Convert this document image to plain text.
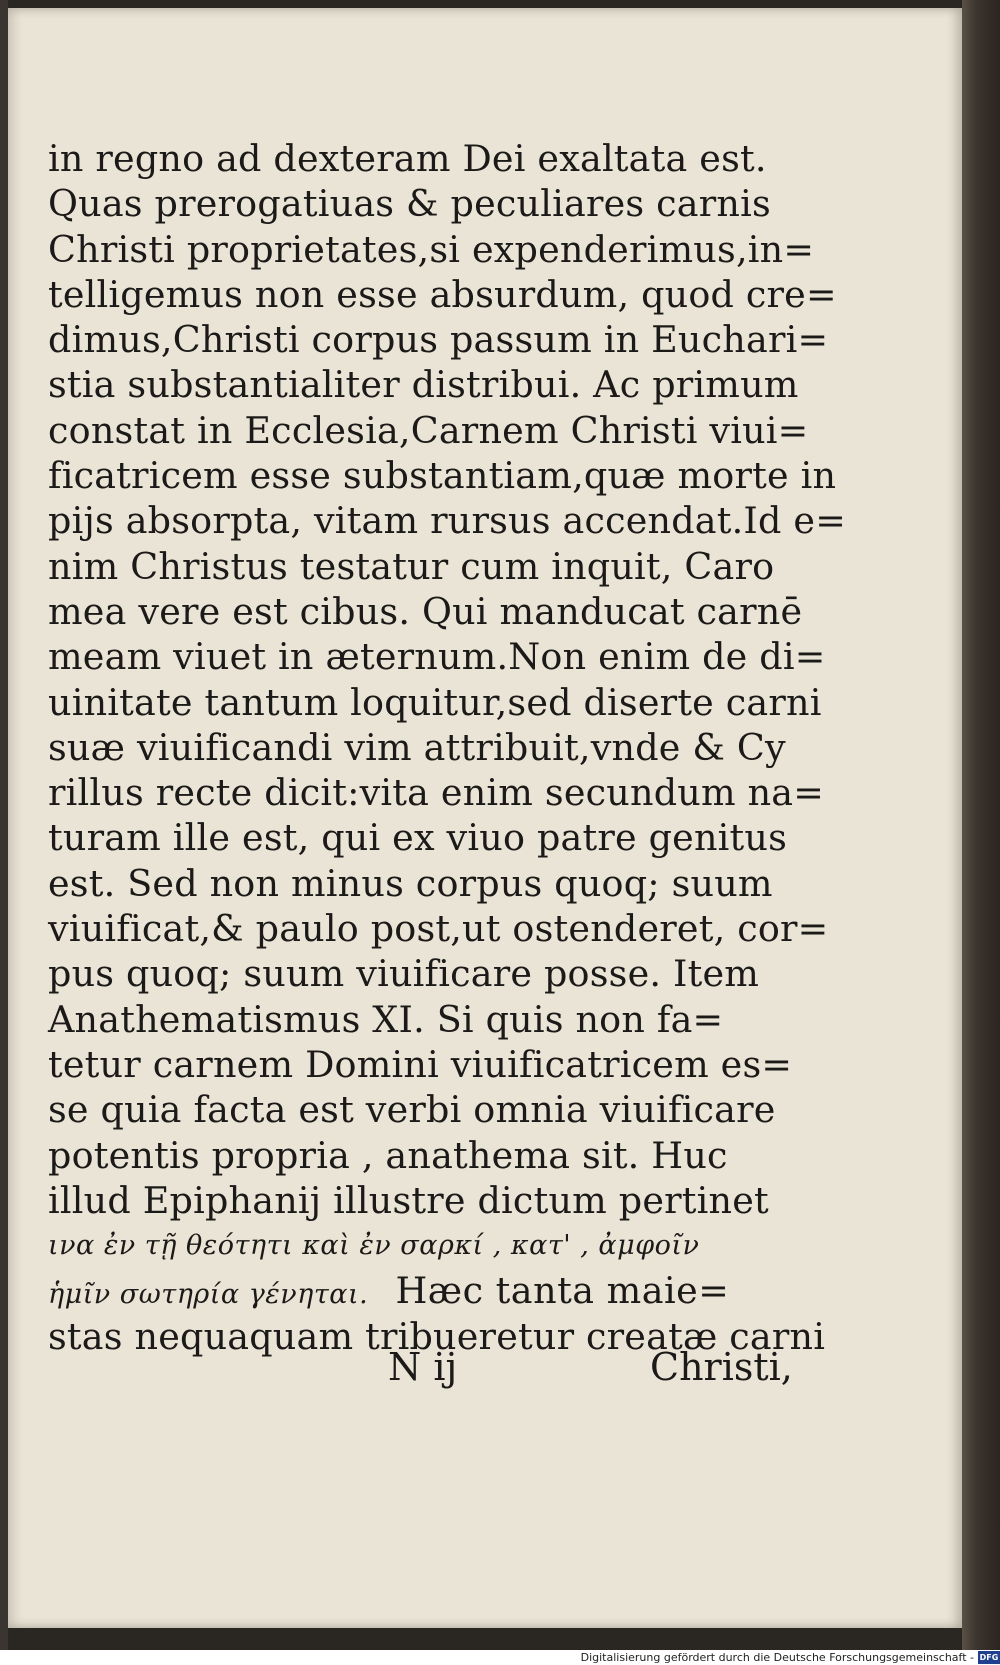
in regno ad dexteram Dei exaltata est.
Quas prerogatiuas & peculiares carnis
Christi proprietates,si expenderimus,in=
telligemus non esse absurdum, quod cre=
dimus,Christi corpus passum in Euchari=
stia substantialiter distribui. Ac primum
constat in Ecclesia,Carnem Christi viui=
ficatricem esse substantiam,quæ morte in
pijs absorpta, vitam rursus accendat.Id e=
nim Christus testatur cum inquit, Caro
mea vere est cibus. Qui manducat carnē
meam viuet in æternum.Non enim de di=
uinitate tantum loquitur,sed diserte carni
suæ viuificandi vim attribuit,vnde & Cy
rillus recte dicit:vita enim secundum na=
turam ille est, qui ex viuo patre genitus
est. Sed non minus corpus quoq; suum
viuificat,& paulo post,ut ostenderet, cor=
pus quoq; suum viuificare posse. Item
Anathematismus XI. Si quis non fa=
tetur carnem Domini viuificatricem es=
se quia facta est verbi omnia viuificare
potentis propria , anathema sit. Huc
illud Epiphanij illustre dictum pertinet
ινα ἐν τῇ θεότητι καὶ ἐν σαρκί , κατ' , ἀμφοῖν
ἡμῖν σωτηρία γένηται. Hæc tanta maie=
stas nequaquam tribueretur creatæ carni
N ij	Christi,
Digitalisierung gefördert durch die Deutsche Forschungsgemeinschaft - DFG
